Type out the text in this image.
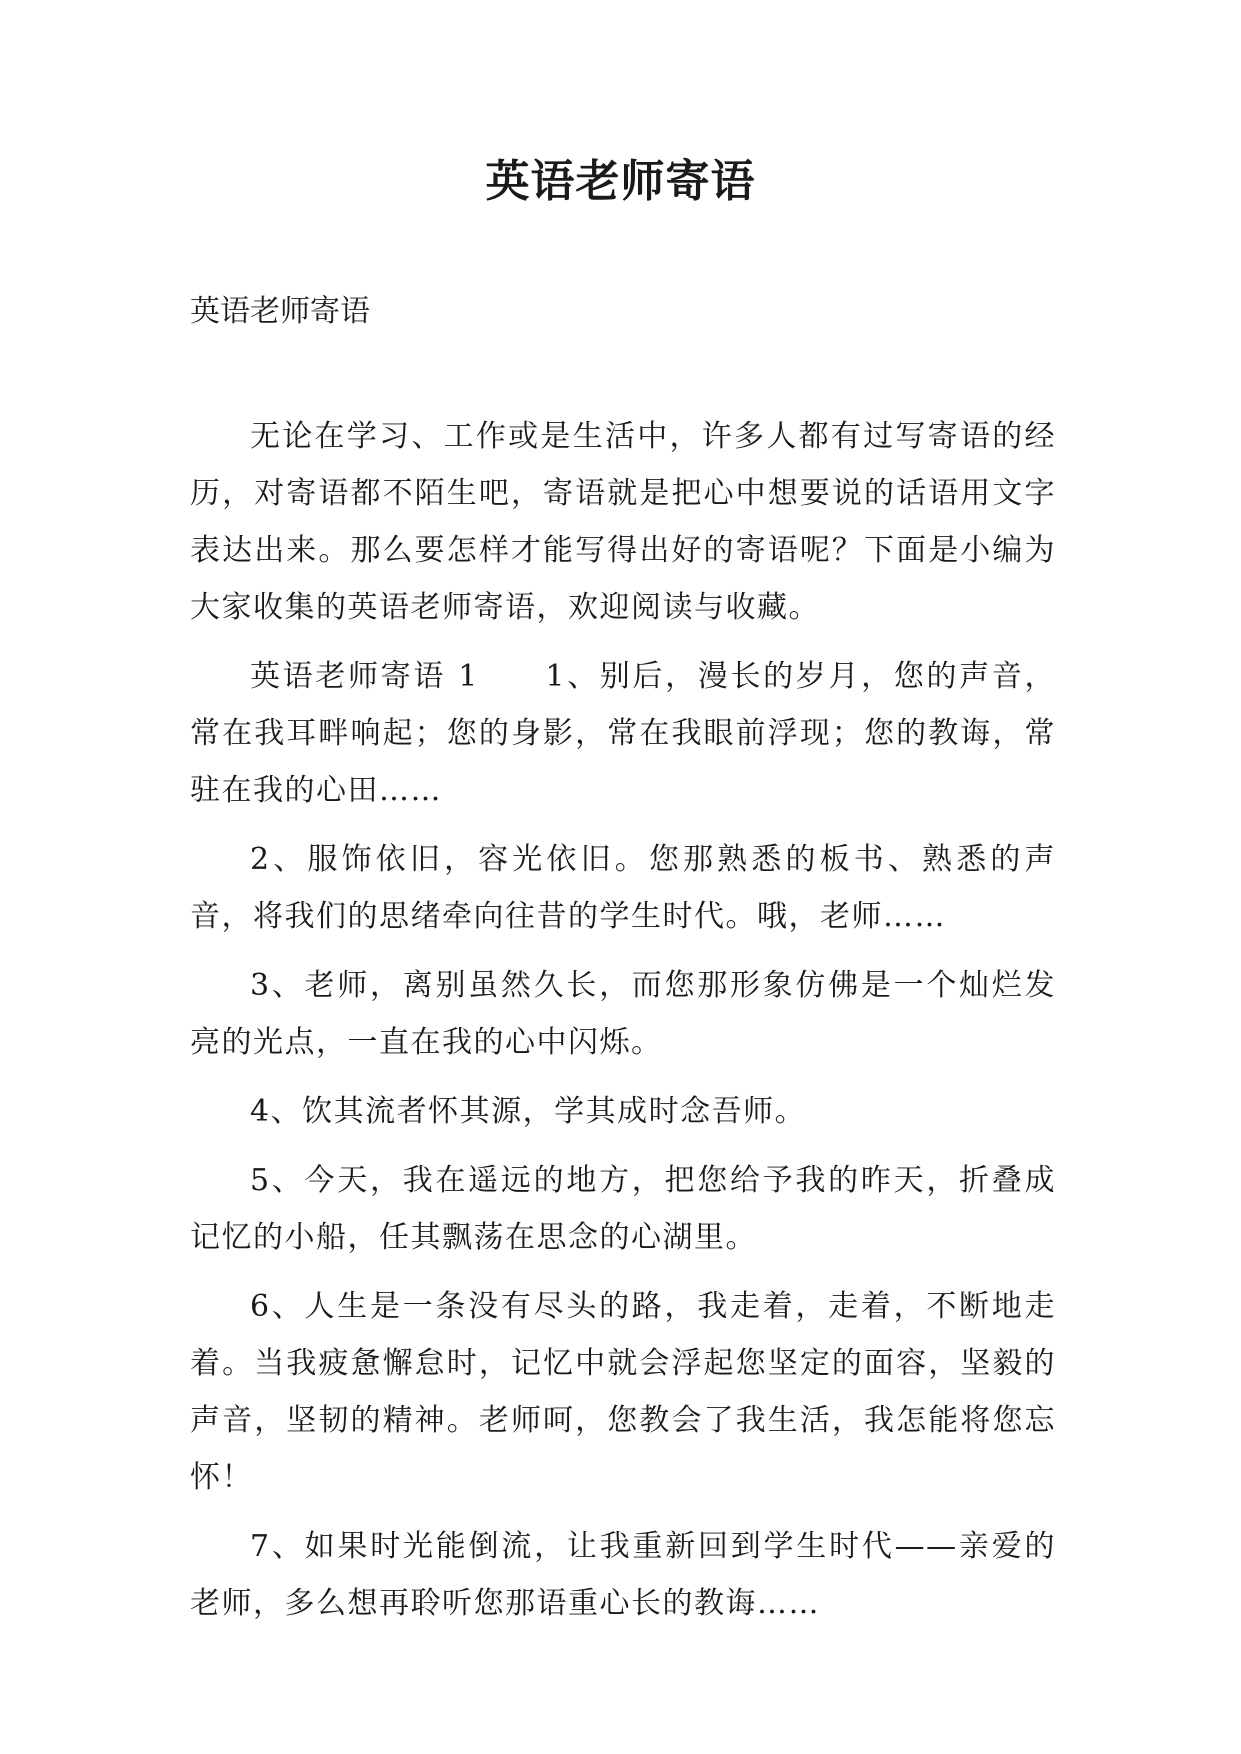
英语老师寄语

英语老师寄语

无论在学习、工作或是生活中，许多人都有过写寄语的经历，对寄语都不陌生吧，寄语就是把心中想要说的话语用文字表达出来。那么要怎样才能写得出好的寄语呢？下面是小编为大家收集的英语老师寄语，欢迎阅读与收藏。

英语老师寄语 1　　1、别后，漫长的岁月，您的声音，常在我耳畔响起；您的身影，常在我眼前浮现；您的教诲，常驻在我的心田……

2、服饰依旧，容光依旧。您那熟悉的板书、熟悉的声音，将我们的思绪牵向往昔的学生时代。哦，老师……

3、老师，离别虽然久长，而您那形象仿佛是一个灿烂发亮的光点，一直在我的心中闪烁。

4、饮其流者怀其源，学其成时念吾师。

5、今天，我在遥远的地方，把您给予我的昨天，折叠成记忆的小船，任其飘荡在思念的心湖里。

6、人生是一条没有尽头的路，我走着，走着，不断地走着。当我疲惫懈怠时，记忆中就会浮起您坚定的面容，坚毅的声音，坚韧的精神。老师呵，您教会了我生活，我怎能将您忘怀！

7、如果时光能倒流，让我重新回到学生时代——亲爱的老师，多么想再聆听您那语重心长的教诲……
